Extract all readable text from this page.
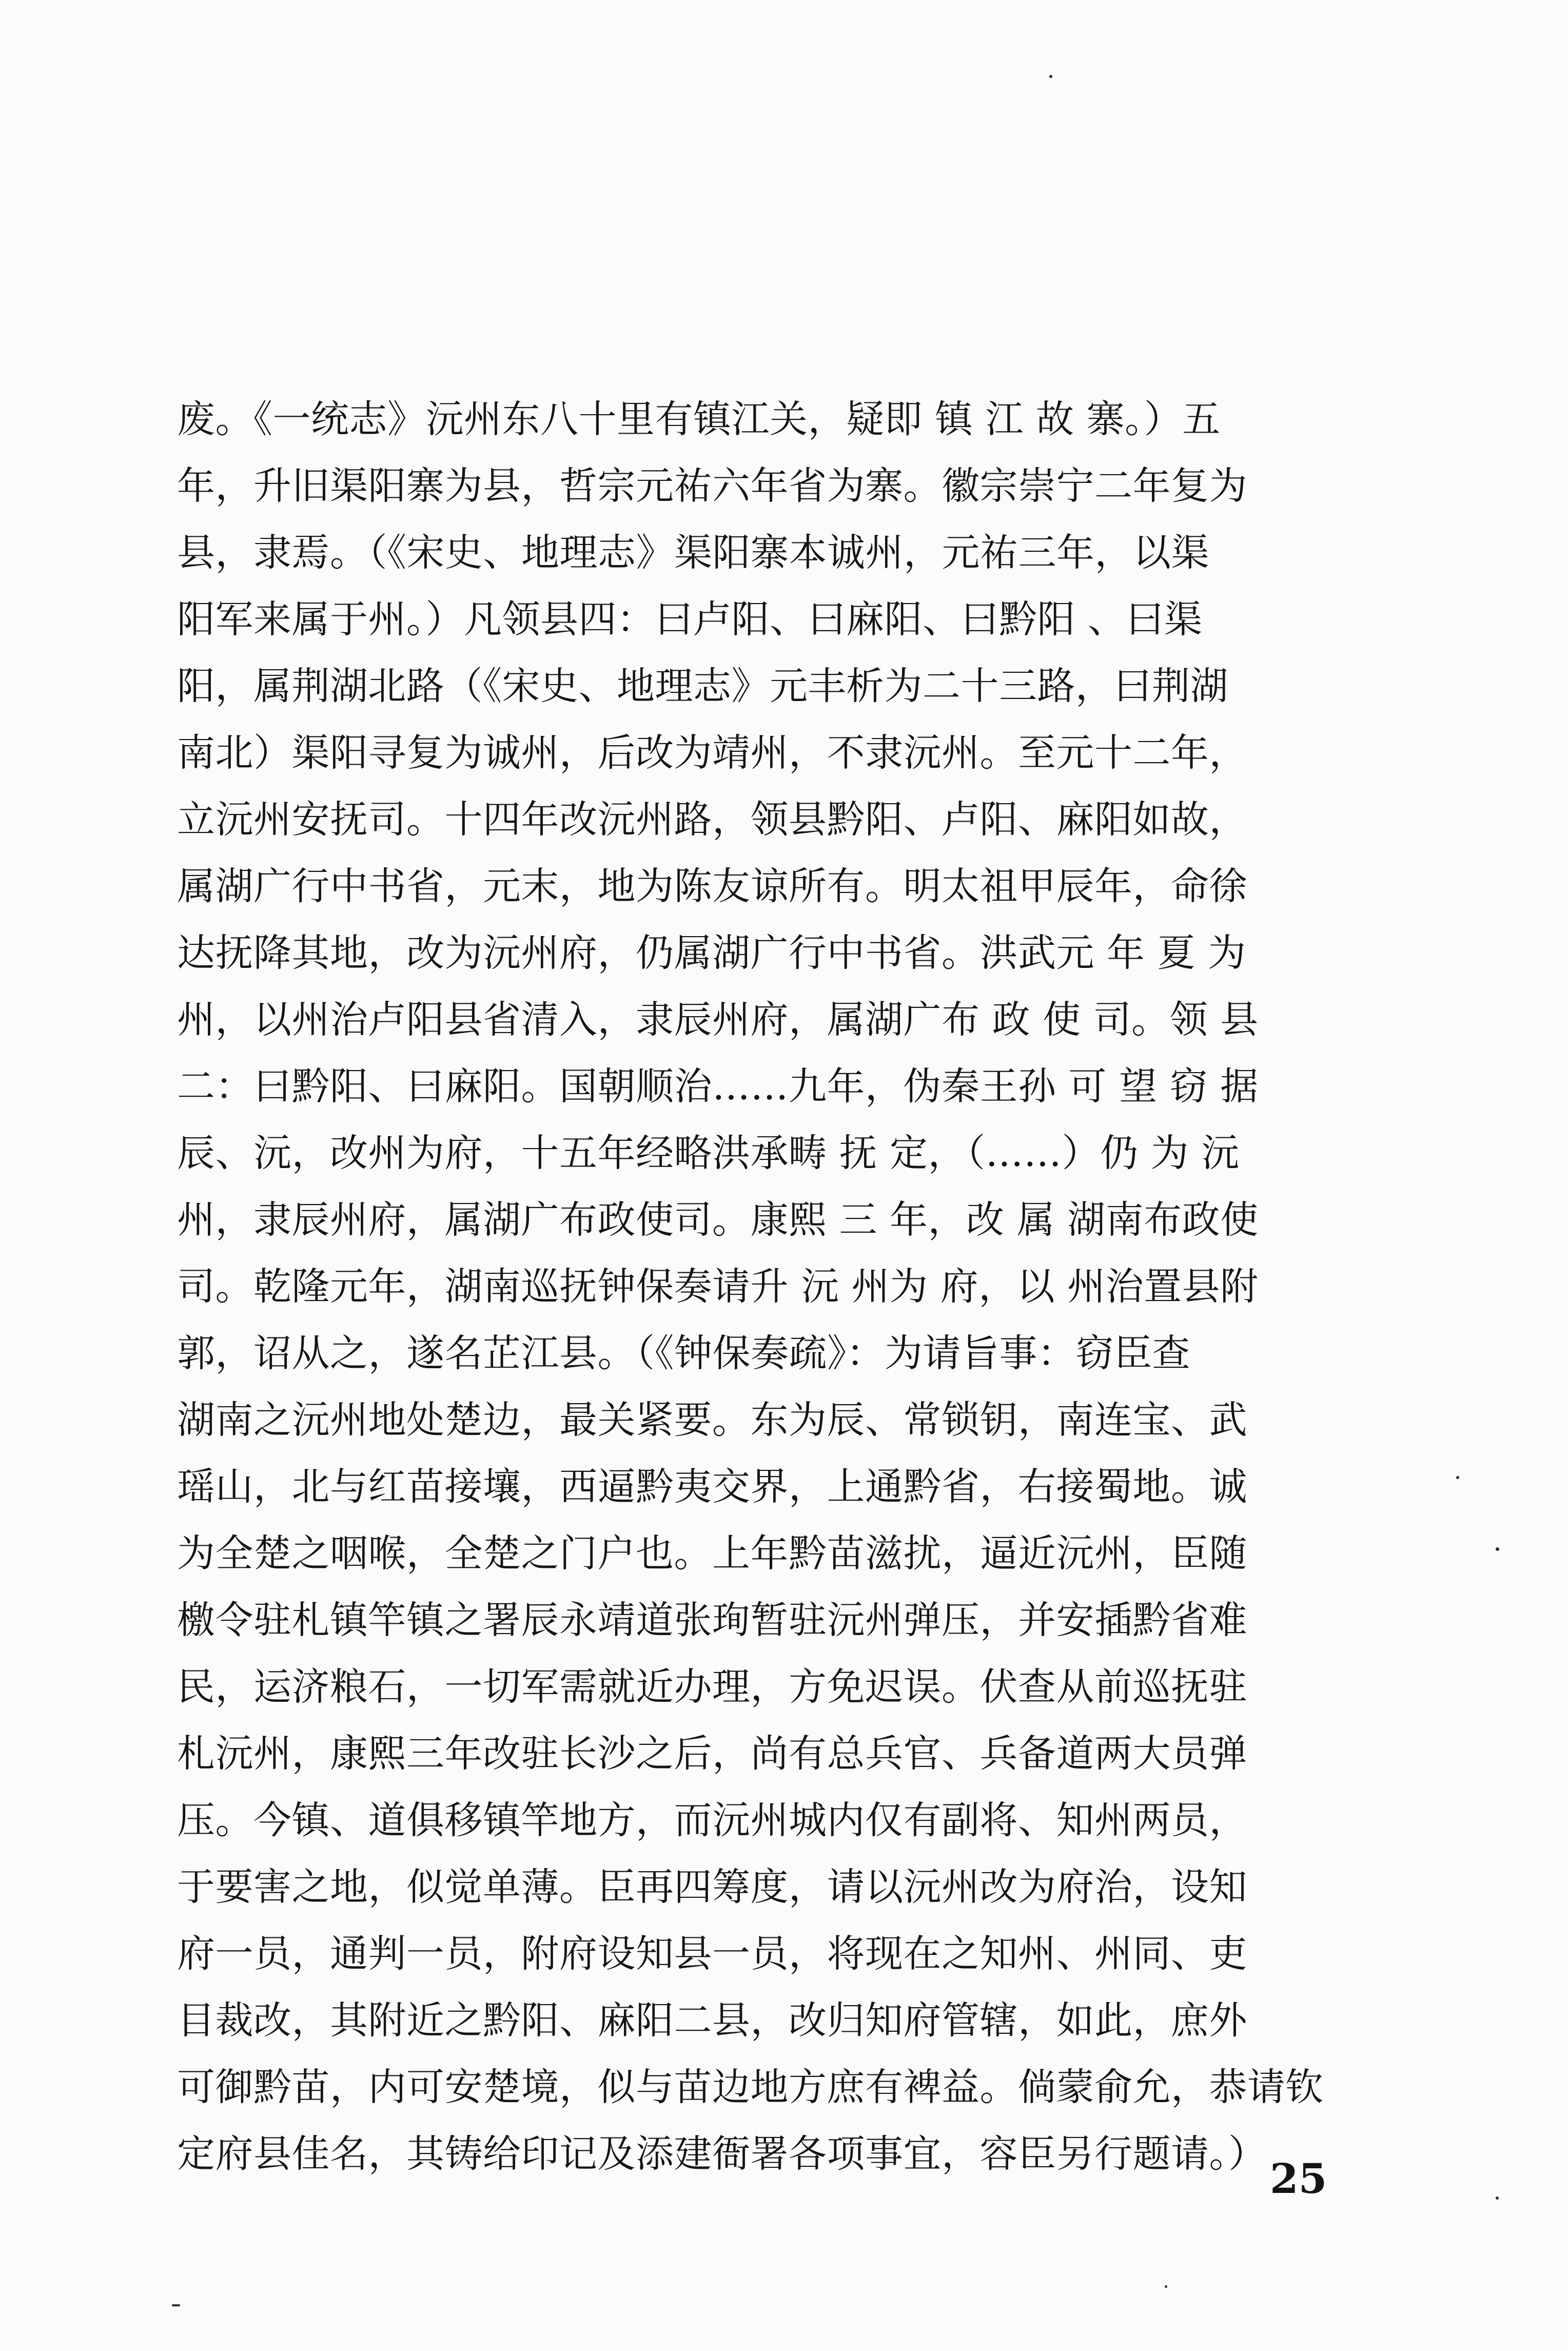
废。《一统志》沅州东八十里有镇江关，疑即 镇 江 故 寨。）五
年，升旧渠阳寨为县，哲宗元祐六年省为寨。徽宗崇宁二年复为
县，隶焉。（《宋史、地理志》渠阳寨本诚州，元祐三年，以渠
阳军来属于州。）凡领县四：曰卢阳、曰麻阳、曰黔阳 、曰渠
阳，属荆湖北路（《宋史、地理志》元丰析为二十三路，曰荆湖
南北）渠阳寻复为诚州，后改为靖州，不隶沅州。至元十二年，
立沅州安抚司。十四年改沅州路，领县黔阳、卢阳、麻阳如故，
属湖广行中书省，元末，地为陈友谅所有。明太祖甲辰年，命徐
达抚降其地，改为沅州府，仍属湖广行中书省。洪武元 年 夏 为
州，以州治卢阳县省清入，隶辰州府，属湖广布 政 使 司。领 县
二：曰黔阳、曰麻阳。国朝顺治……九年，伪秦王孙 可 望 窃 据
辰、沅，改州为府，十五年经略洪承畴 抚 定，（……）仍 为 沅
州，隶辰州府，属湖广布政使司。康熙 三 年，改 属 湖南布政使
司。乾隆元年，湖南巡抚钟保奏请升 沅 州为 府，以 州治置县附
郭，诏从之，遂名芷江县。（《钟保奏疏》：为请旨事：窃臣查
湖南之沅州地处楚边，最关紧要。东为辰、常锁钥，南连宝、武
瑶山，北与红苗接壤，西逼黔夷交界，上通黔省，右接蜀地。诚
为全楚之咽喉，全楚之门户也。上年黔苗滋扰，逼近沅州，臣随
檄令驻札镇竿镇之署辰永靖道张珣暂驻沅州弹压，并安插黔省难
民，运济粮石，一切军需就近办理，方免迟误。伏查从前巡抚驻
札沅州，康熙三年改驻长沙之后，尚有总兵官、兵备道两大员弹
压。今镇、道俱移镇竿地方，而沅州城内仅有副将、知州两员，
于要害之地，似觉单薄。臣再四筹度，请以沅州改为府治，设知
府一员，通判一员，附府设知县一员，将现在之知州、州同、吏
目裁改，其附近之黔阳、麻阳二县，改归知府管辖，如此，庶外
可御黔苗，内可安楚境，似与苗边地方庶有裨益。倘蒙俞允，恭请钦
定府县佳名，其铸给印记及添建衙署各项事宜，容臣另行题请。）
25
